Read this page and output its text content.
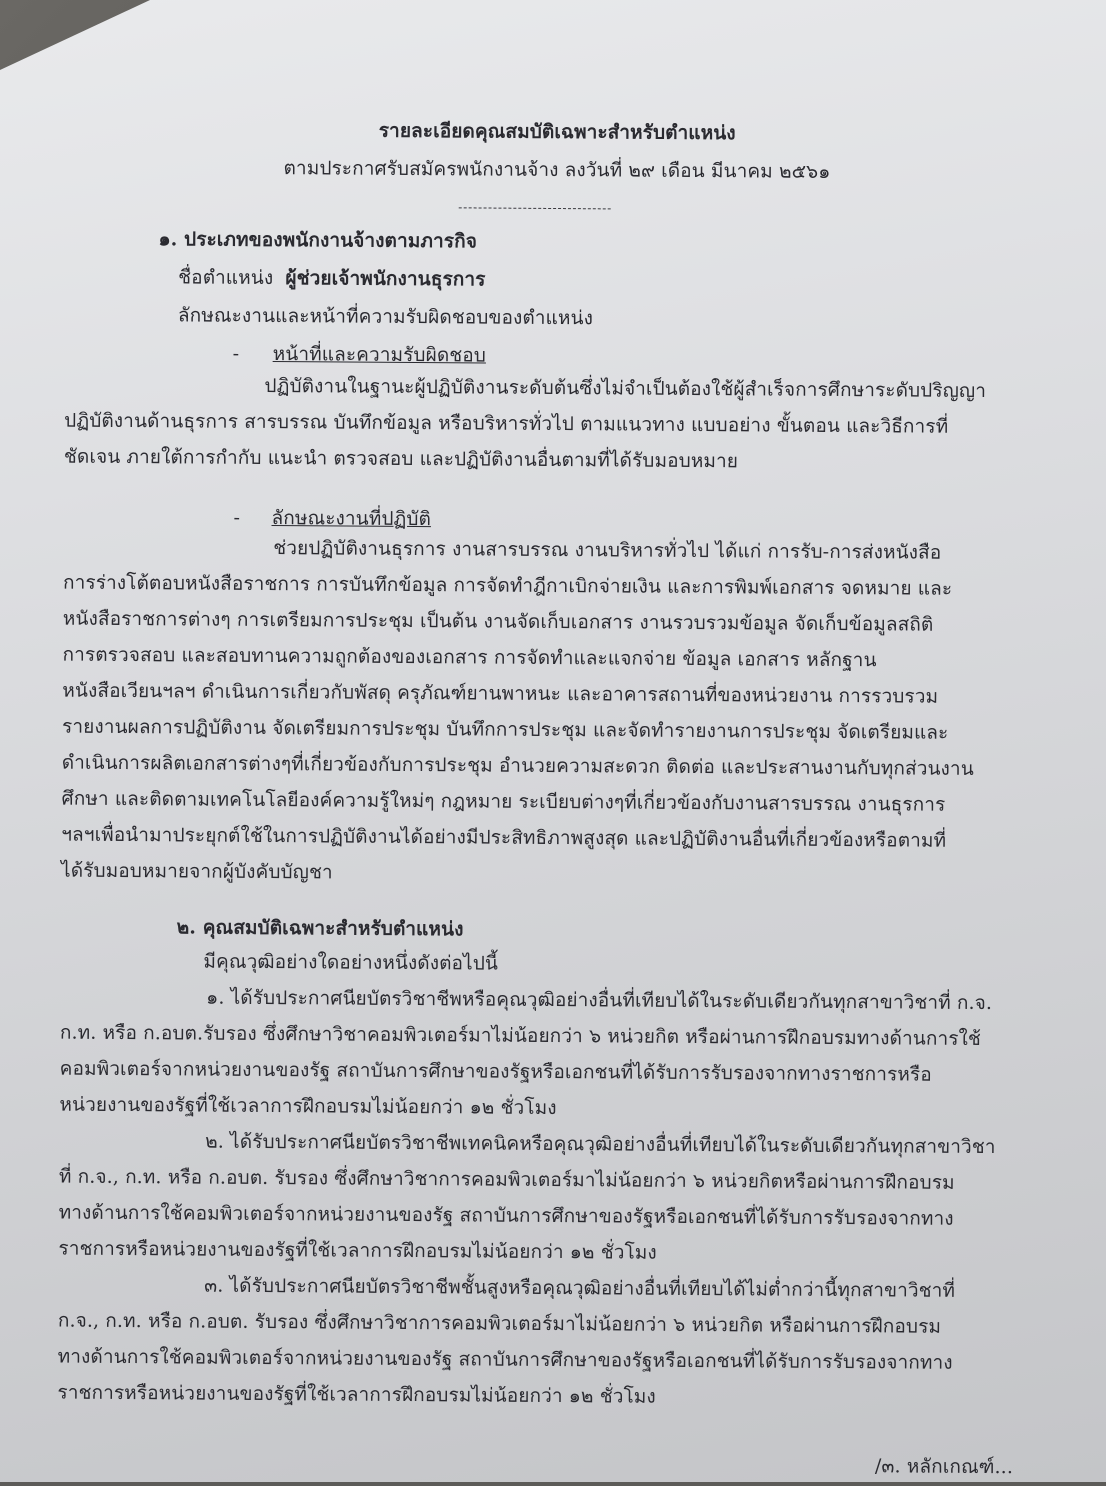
รายละเอียดคุณสมบัติเฉพาะสำหรับตำแหน่ง
ตามประกาศรับสมัครพนักงานจ้าง ลงวันที่ ๒๙ เดือน มีนาคม ๒๕๖๑
๑. ประเภทของพนักงานจ้างตามภารกิจ
ชื่อตำแหน่ง ผู้ช่วยเจ้าพนักงานธุรการ
ลักษณะงานและหน้าที่ความรับผิดชอบของตำแหน่ง
- หน้าที่และความรับผิดชอบ
ปฏิบัติงานในฐานะผู้ปฏิบัติงานระดับต้นซึ่งไม่จำเป็นต้องใช้ผู้สำเร็จการศึกษาระดับปริญญา
ปฏิบัติงานด้านธุรการ สารบรรณ บันทึกข้อมูล หรือบริหารทั่วไป ตามแนวทาง แบบอย่าง ขั้นตอน และวิธีการที่
ชัดเจน ภายใต้การกำกับ แนะนำ ตรวจสอบ และปฏิบัติงานอื่นตามที่ได้รับมอบหมาย
- ลักษณะงานที่ปฏิบัติ
ช่วยปฏิบัติงานธุรการ งานสารบรรณ งานบริหารทั่วไป ได้แก่ การรับ-การส่งหนังสือ
การร่างโต้ตอบหนังสือราชการ การบันทึกข้อมูล การจัดทำฎีกาเบิกจ่ายเงิน และการพิมพ์เอกสาร จดหมาย และ
หนังสือราชการต่างๆ การเตรียมการประชุม เป็นต้น งานจัดเก็บเอกสาร งานรวบรวมข้อมูล จัดเก็บข้อมูลสถิติ
การตรวจสอบ และสอบทานความถูกต้องของเอกสาร การจัดทำและแจกจ่าย ข้อมูล เอกสาร หลักฐาน
หนังสือเวียนฯลฯ ดำเนินการเกี่ยวกับพัสดุ ครุภัณฑ์ยานพาหนะ และอาคารสถานที่ของหน่วยงาน การรวบรวม
รายงานผลการปฏิบัติงาน จัดเตรียมการประชุม บันทึกการประชุม และจัดทำรายงานการประชุม จัดเตรียมและ
ดำเนินการผลิตเอกสารต่างๆที่เกี่ยวข้องกับการประชุม อำนวยความสะดวก ติดต่อ และประสานงานกับทุกส่วนงาน
ศึกษา และติดตามเทคโนโลยีองค์ความรู้ใหม่ๆ กฎหมาย ระเบียบต่างๆที่เกี่ยวข้องกับงานสารบรรณ งานธุรการ
ฯลฯเพื่อนำมาประยุกต์ใช้ในการปฏิบัติงานได้อย่างมีประสิทธิภาพสูงสุด และปฏิบัติงานอื่นที่เกี่ยวข้องหรือตามที่
ได้รับมอบหมายจากผู้บังคับบัญชา
๒. คุณสมบัติเฉพาะสำหรับตำแหน่ง
มีคุณวุฒิอย่างใดอย่างหนึ่งดังต่อไปนี้
๑. ได้รับประกาศนียบัตรวิชาชีพหรือคุณวุฒิอย่างอื่นที่เทียบได้ในระดับเดียวกันทุกสาขาวิชาที่ ก.จ.
ก.ท. หรือ ก.อบต.รับรอง ซึ่งศึกษาวิชาคอมพิวเตอร์มาไม่น้อยกว่า ๖ หน่วยกิต หรือผ่านการฝึกอบรมทางด้านการใช้
คอมพิวเตอร์จากหน่วยงานของรัฐ สถาบันการศึกษาของรัฐหรือเอกชนที่ได้รับการรับรองจากทางราชการหรือ
หน่วยงานของรัฐที่ใช้เวลาการฝึกอบรมไม่น้อยกว่า ๑๒ ชั่วโมง
๒. ได้รับประกาศนียบัตรวิชาชีพเทคนิคหรือคุณวุฒิอย่างอื่นที่เทียบได้ในระดับเดียวกันทุกสาขาวิชา
ที่ ก.จ., ก.ท. หรือ ก.อบต. รับรอง ซึ่งศึกษาวิชาการคอมพิวเตอร์มาไม่น้อยกว่า ๖ หน่วยกิตหรือผ่านการฝึกอบรม
ทางด้านการใช้คอมพิวเตอร์จากหน่วยงานของรัฐ สถาบันการศึกษาของรัฐหรือเอกชนที่ได้รับการรับรองจากทาง
ราชการหรือหน่วยงานของรัฐที่ใช้เวลาการฝึกอบรมไม่น้อยกว่า ๑๒ ชั่วโมง
๓. ได้รับประกาศนียบัตรวิชาชีพชั้นสูงหรือคุณวุฒิอย่างอื่นที่เทียบได้ไม่ต่ำกว่านี้ทุกสาขาวิชาที่
ก.จ., ก.ท. หรือ ก.อบต. รับรอง ซึ่งศึกษาวิชาการคอมพิวเตอร์มาไม่น้อยกว่า ๖ หน่วยกิต หรือผ่านการฝึกอบรม
ทางด้านการใช้คอมพิวเตอร์จากหน่วยงานของรัฐ สถาบันการศึกษาของรัฐหรือเอกชนที่ได้รับการรับรองจากทาง
ราชการหรือหน่วยงานของรัฐที่ใช้เวลาการฝึกอบรมไม่น้อยกว่า ๑๒ ชั่วโมง
/๓. หลักเกณฑ์...
